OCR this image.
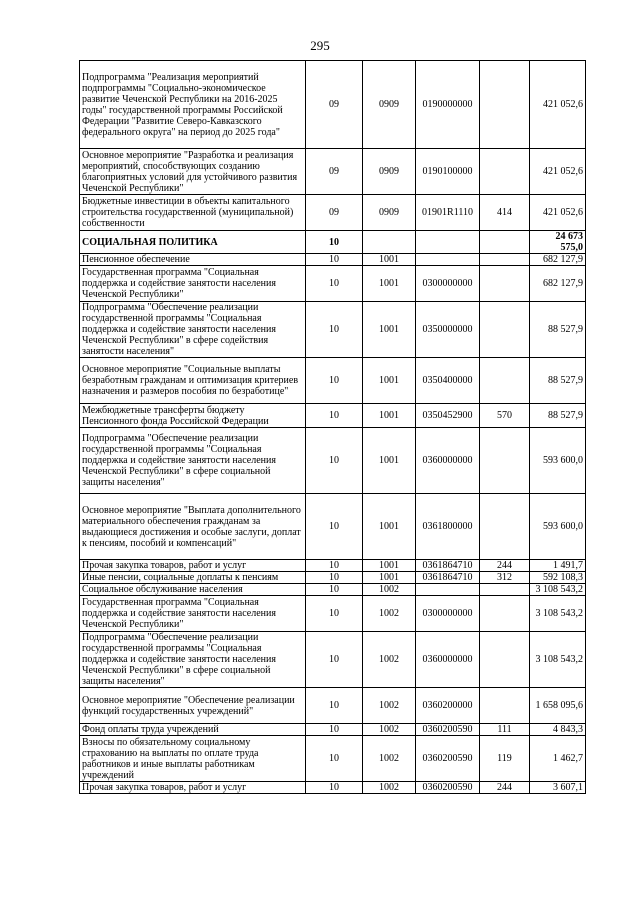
295
Подпрограмма "Реализация мероприятий подпрограммы "Социально-экономическое развитие Чеченской Республики на 2016-2025 годы" государственной программы Российской Федерации "Развитие Северо-Кавказского федерального округа" на период до 2025 года"	09	0909	0190000000		421 052,6
Основное мероприятие "Разработка и реализация мероприятий, способствующих созданию благоприятных условий для устойчивого развития Чеченской Республики"	09	0909	0190100000		421 052,6
Бюджетные инвестиции в объекты капитального строительства государственной (муниципальной) собственности	09	0909	01901R1110	414	421 052,6
СОЦИАЛЬНАЯ ПОЛИТИКА	10				24 673 575,0
Пенсионное обеспечение	10	1001			682 127,9
Государственная программа "Социальная поддержка и содействие занятости населения Чеченской Республики"	10	1001	0300000000		682 127,9
Подпрограмма "Обеспечение реализации государственной программы "Социальная поддержка и содействие занятости населения Чеченской Республики" в сфере содействия занятости населения"	10	1001	0350000000		88 527,9
Основное мероприятие "Социальные выплаты безработным гражданам и оптимизация критериев назначения и размеров пособия по безработице"	10	1001	0350400000		88 527,9
Межбюджетные трансферты бюджету Пенсионного фонда Российской Федерации	10	1001	0350452900	570	88 527,9
Подпрограмма "Обеспечение реализации государственной программы "Социальная поддержка и содействие занятости населения Чеченской Республики" в сфере социальной защиты населения"	10	1001	0360000000		593 600,0
Основное мероприятие "Выплата дополнительного материального обеспечения гражданам за выдающиеся достижения и особые заслуги, доплат к пенсиям, пособий и компенсаций"	10	1001	0361800000		593 600,0
Прочая закупка товаров, работ и услуг	10	1001	0361864710	244	1 491,7
Иные пенсии, социальные доплаты к пенсиям	10	1001	0361864710	312	592 108,3
Социальное обслуживание населения	10	1002			3 108 543,2
Государственная программа "Социальная поддержка и содействие занятости населения Чеченской Республики"	10	1002	0300000000		3 108 543,2
Подпрограмма "Обеспечение реализации государственной программы "Социальная поддержка и содействие занятости населения Чеченской Республики" в сфере социальной защиты населения"	10	1002	0360000000		3 108 543,2
Основное мероприятие "Обеспечение реализации функций государственных учреждений"	10	1002	0360200000		1 658 095,6
Фонд оплаты труда учреждений	10	1002	0360200590	111	4 843,3
Взносы по обязательному социальному страхованию на выплаты по оплате труда работников и иные выплаты работникам учреждений	10	1002	0360200590	119	1 462,7
Прочая закупка товаров, работ и услуг	10	1002	0360200590	244	3 607,1
